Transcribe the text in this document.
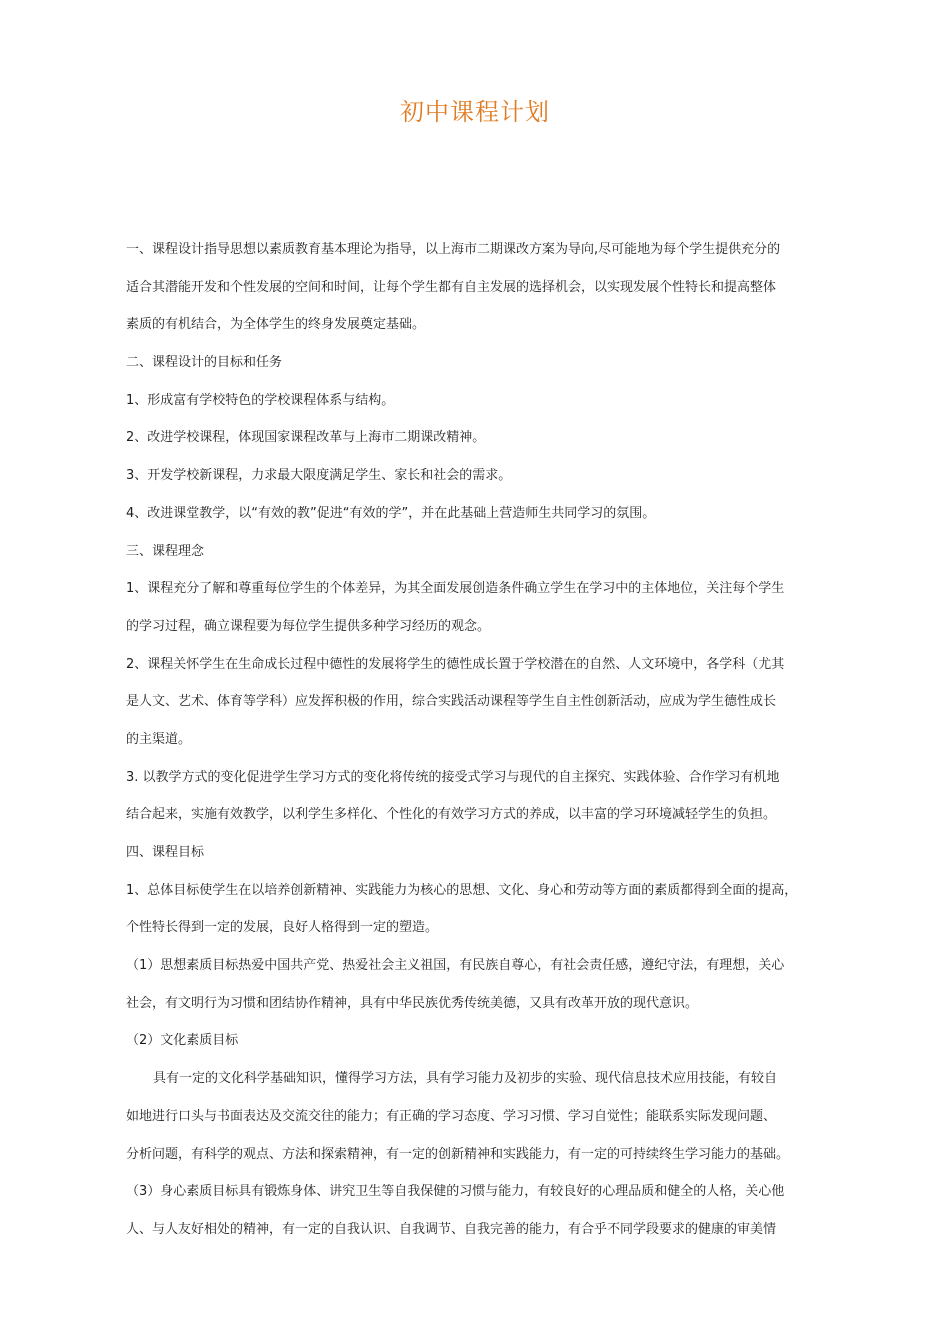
初中课程计划
一、课程设计指导思想以素质教育基本理论为指导，以上海市二期课改方案为导向,尽可能地为每个学生提供充分的
适合其潜能开发和个性发展的空间和时间，让每个学生都有自主发展的选择机会，以实现发展个性特长和提高整体
素质的有机结合，为全体学生的终身发展奠定基础。
二、课程设计的目标和任务
1、形成富有学校特色的学校课程体系与结构。
2、改进学校课程，体现国家课程改革与上海市二期课改精神。
3、开发学校新课程，力求最大限度满足学生、家长和社会的需求。
4、改进课堂教学，以“有效的教”促进“有效的学”，并在此基础上营造师生共同学习的氛围。
三、课程理念
1、课程充分了解和尊重每位学生的个体差异，为其全面发展创造条件确立学生在学习中的主体地位，关注每个学生
的学习过程，确立课程要为每位学生提供多种学习经历的观念。
2、课程关怀学生在生命成长过程中德性的发展将学生的德性成长置于学校潜在的自然、人文环境中，各学科（尤其
是人文、艺术、体育等学科）应发挥积极的作用，综合实践活动课程等学生自主性创新活动，应成为学生德性成长
的主渠道。
3. 以教学方式的变化促进学生学习方式的变化将传统的接受式学习与现代的自主探究、实践体验、合作学习有机地
结合起来，实施有效教学，以利学生多样化、个性化的有效学习方式的养成，以丰富的学习环境减轻学生的负担。
四、课程目标
1、总体目标使学生在以培养创新精神、实践能力为核心的思想、文化、身心和劳动等方面的素质都得到全面的提高，
个性特长得到一定的发展，良好人格得到一定的塑造。
（1）思想素质目标热爱中国共产党、热爱社会主义祖国，有民族自尊心，有社会责任感，遵纪守法，有理想，关心
社会，有文明行为习惯和团结协作精神，具有中华民族优秀传统美德，又具有改革开放的现代意识。
（2）文化素质目标
具有一定的文化科学基础知识，懂得学习方法，具有学习能力及初步的实验、现代信息技术应用技能，有较自
如地进行口头与书面表达及交流交往的能力；有正确的学习态度、学习习惯、学习自觉性；能联系实际发现问题、
分析问题，有科学的观点、方法和探索精神，有一定的创新精神和实践能力，有一定的可持续终生学习能力的基础。
（3）身心素质目标具有锻炼身体、讲究卫生等自我保健的习惯与能力，有较良好的心理品质和健全的人格，关心他
人、与人友好相处的精神，有一定的自我认识、自我调节、自我完善的能力，有合乎不同学段要求的健康的审美情
